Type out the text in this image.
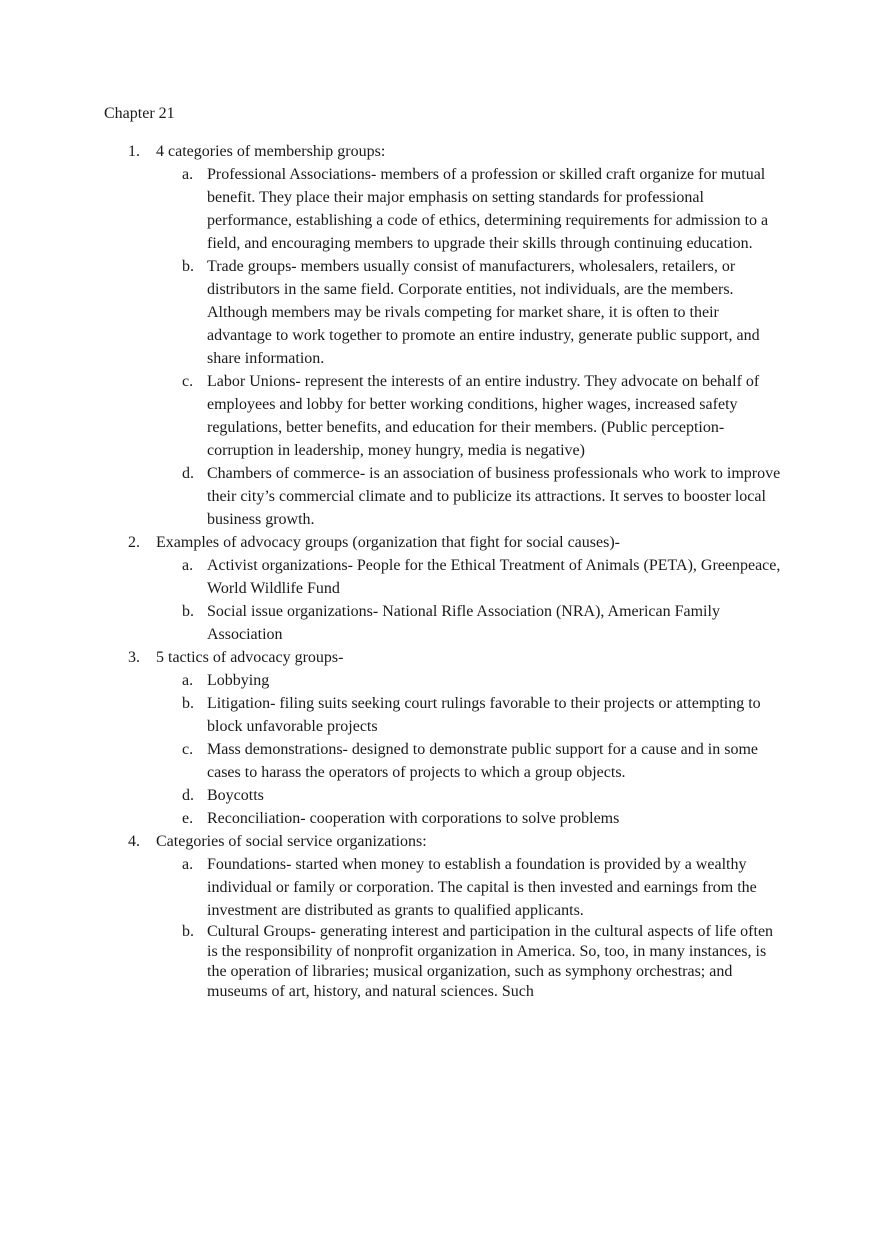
Chapter 21
1. 4 categories of membership groups:
a. Professional Associations- members of a profession or skilled craft organize for mutual benefit. They place their major emphasis on setting standards for professional performance, establishing a code of ethics, determining requirements for admission to a field, and encouraging members to upgrade their skills through continuing education.
b. Trade groups- members usually consist of manufacturers, wholesalers, retailers, or distributors in the same field. Corporate entities, not individuals, are the members. Although members may be rivals competing for market share, it is often to their advantage to work together to promote an entire industry, generate public support, and share information.
c. Labor Unions- represent the interests of an entire industry. They advocate on behalf of employees and lobby for better working conditions, higher wages, increased safety regulations, better benefits, and education for their members. (Public perception- corruption in leadership, money hungry, media is negative)
d. Chambers of commerce- is an association of business professionals who work to improve their city’s commercial climate and to publicize its attractions. It serves to booster local business growth.
2. Examples of advocacy groups (organization that fight for social causes)-
a. Activist organizations- People for the Ethical Treatment of Animals (PETA), Greenpeace, World Wildlife Fund
b. Social issue organizations- National Rifle Association (NRA), American Family Association
3. 5 tactics of advocacy groups-
a. Lobbying
b. Litigation- filing suits seeking court rulings favorable to their projects or attempting to block unfavorable projects
c. Mass demonstrations- designed to demonstrate public support for a cause and in some cases to harass the operators of projects to which a group objects.
d. Boycotts
e. Reconciliation- cooperation with corporations to solve problems
4. Categories of social service organizations:
a. Foundations- started when money to establish a foundation is provided by a wealthy individual or family or corporation. The capital is then invested and earnings from the investment are distributed as grants to qualified applicants.
b. Cultural Groups- generating interest and participation in the cultural aspects of life often is the responsibility of nonprofit organization in America. So, too, in many instances, is the operation of libraries; musical organization, such as symphony orchestras; and museums of art, history, and natural sciences. Such
